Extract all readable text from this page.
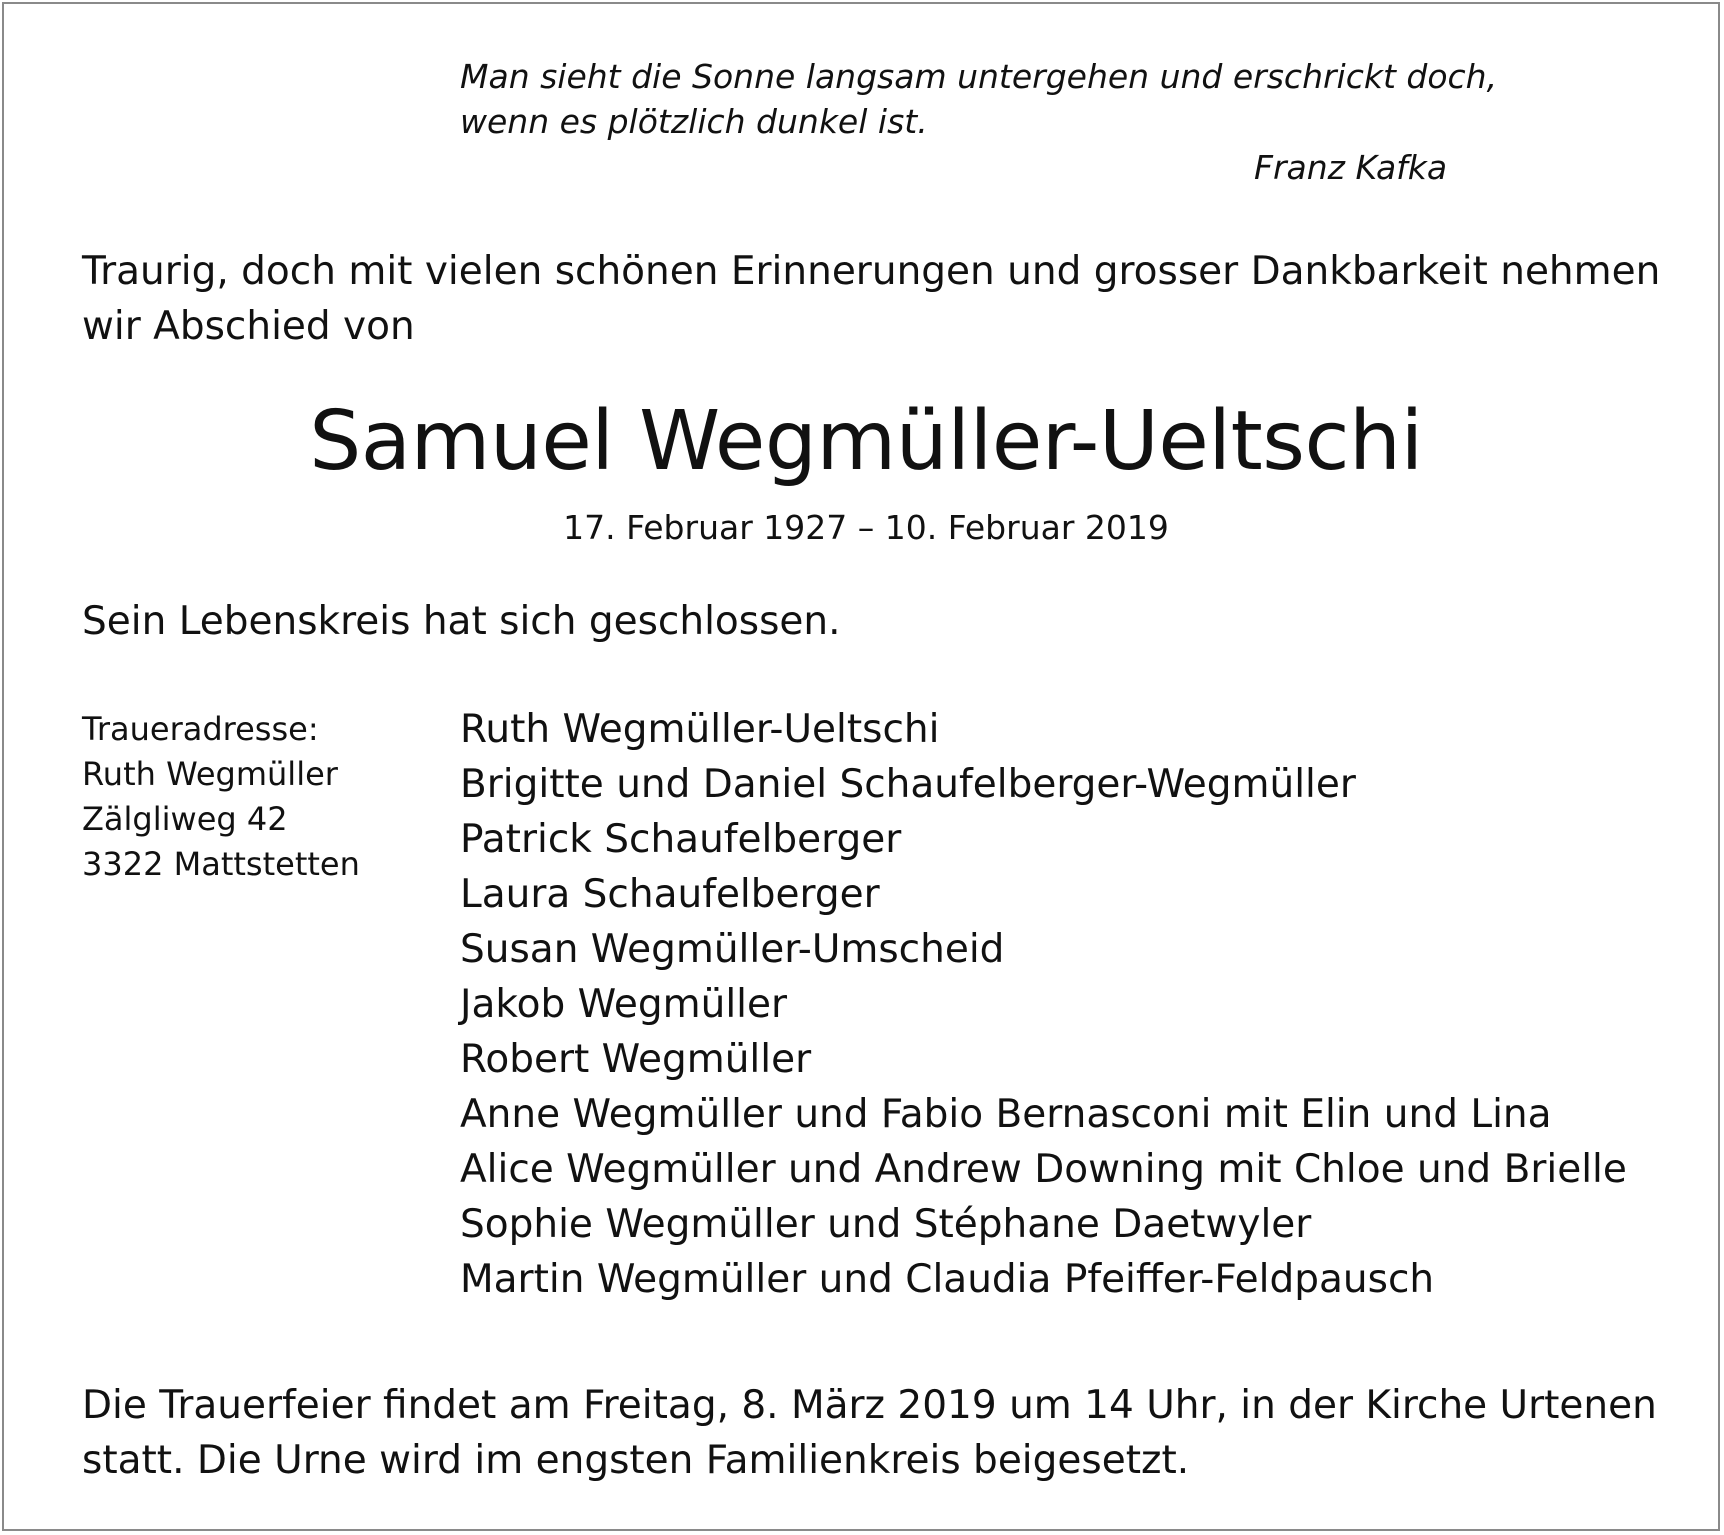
Man sieht die Sonne langsam untergehen und erschrickt doch,
wenn es plötzlich dunkel ist.
Franz Kafka
Traurig, doch mit vielen schönen Erinnerungen und grosser Dankbarkeit nehmen
wir Abschied von
Samuel Wegmüller-Ueltschi
17. Februar 1927 – 10. Februar 2019
Sein Lebenskreis hat sich geschlossen.
Traueradresse:
Ruth Wegmüller
Zälgliweg 42
3322 Mattstetten
Ruth Wegmüller-Ueltschi
Brigitte und Daniel Schaufelberger-Wegmüller
Patrick Schaufelberger
Laura Schaufelberger
Susan Wegmüller-Umscheid
Jakob Wegmüller
Robert Wegmüller
Anne Wegmüller und Fabio Bernasconi mit Elin und Lina
Alice Wegmüller und Andrew Downing mit Chloe und Brielle
Sophie Wegmüller und Stéphane Daetwyler
Martin Wegmüller und Claudia Pfeiffer-Feldpausch
Die Trauerfeier findet am Freitag, 8. März 2019 um 14 Uhr, in der Kirche Urtenen
statt. Die Urne wird im engsten Familienkreis beigesetzt.
